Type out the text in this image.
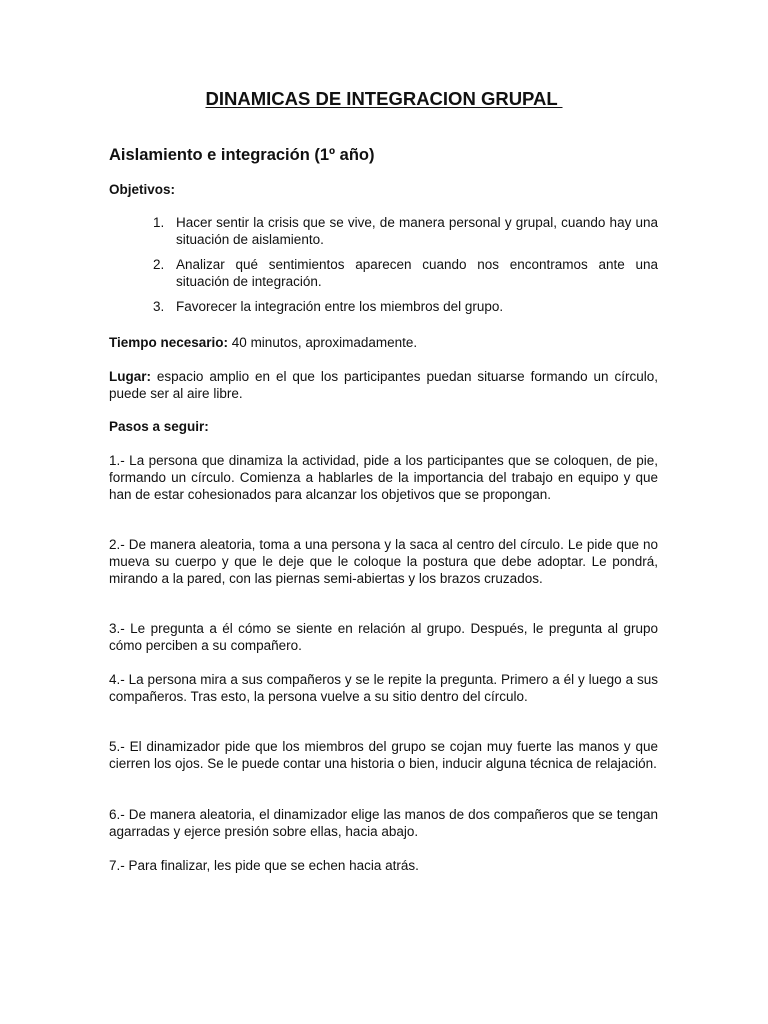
DINAMICAS DE INTEGRACION GRUPAL
Aislamiento e integración (1º año)
Objetivos:
1. Hacer sentir la crisis que se vive, de manera personal y grupal, cuando hay una situación de aislamiento.
2. Analizar qué sentimientos aparecen cuando nos encontramos ante una situación de integración.
3. Favorecer la integración entre los miembros del grupo.

Tiempo necesario: 40 minutos, aproximadamente.

Lugar: espacio amplio en el que los participantes puedan situarse formando un círculo, puede ser al aire libre.

Pasos a seguir:

1.- La persona que dinamiza la actividad, pide a los participantes que se coloquen, de pie, formando un círculo. Comienza a hablarles de la importancia del trabajo en equipo y que han de estar cohesionados para alcanzar los objetivos que se propongan.

2.- De manera aleatoria, toma a una persona y la saca al centro del círculo. Le pide que no mueva su cuerpo y que le deje que le coloque la postura que debe adoptar. Le pondrá, mirando a la pared, con las piernas semi-abiertas y los brazos cruzados.

3.- Le pregunta a él cómo se siente en relación al grupo. Después, le pregunta al grupo cómo perciben a su compañero.

4.- La persona mira a sus compañeros y se le repite la pregunta. Primero a él y luego a sus compañeros. Tras esto, la persona vuelve a su sitio dentro del círculo.

5.- El dinamizador pide que los miembros del grupo se cojan muy fuerte las manos y que cierren los ojos. Se le puede contar una historia o bien, inducir alguna técnica de relajación.

6.- De manera aleatoria, el dinamizador elige las manos de dos compañeros que se tengan agarradas y ejerce presión sobre ellas, hacia abajo.

7.- Para finalizar, les pide que se echen hacia atrás.
